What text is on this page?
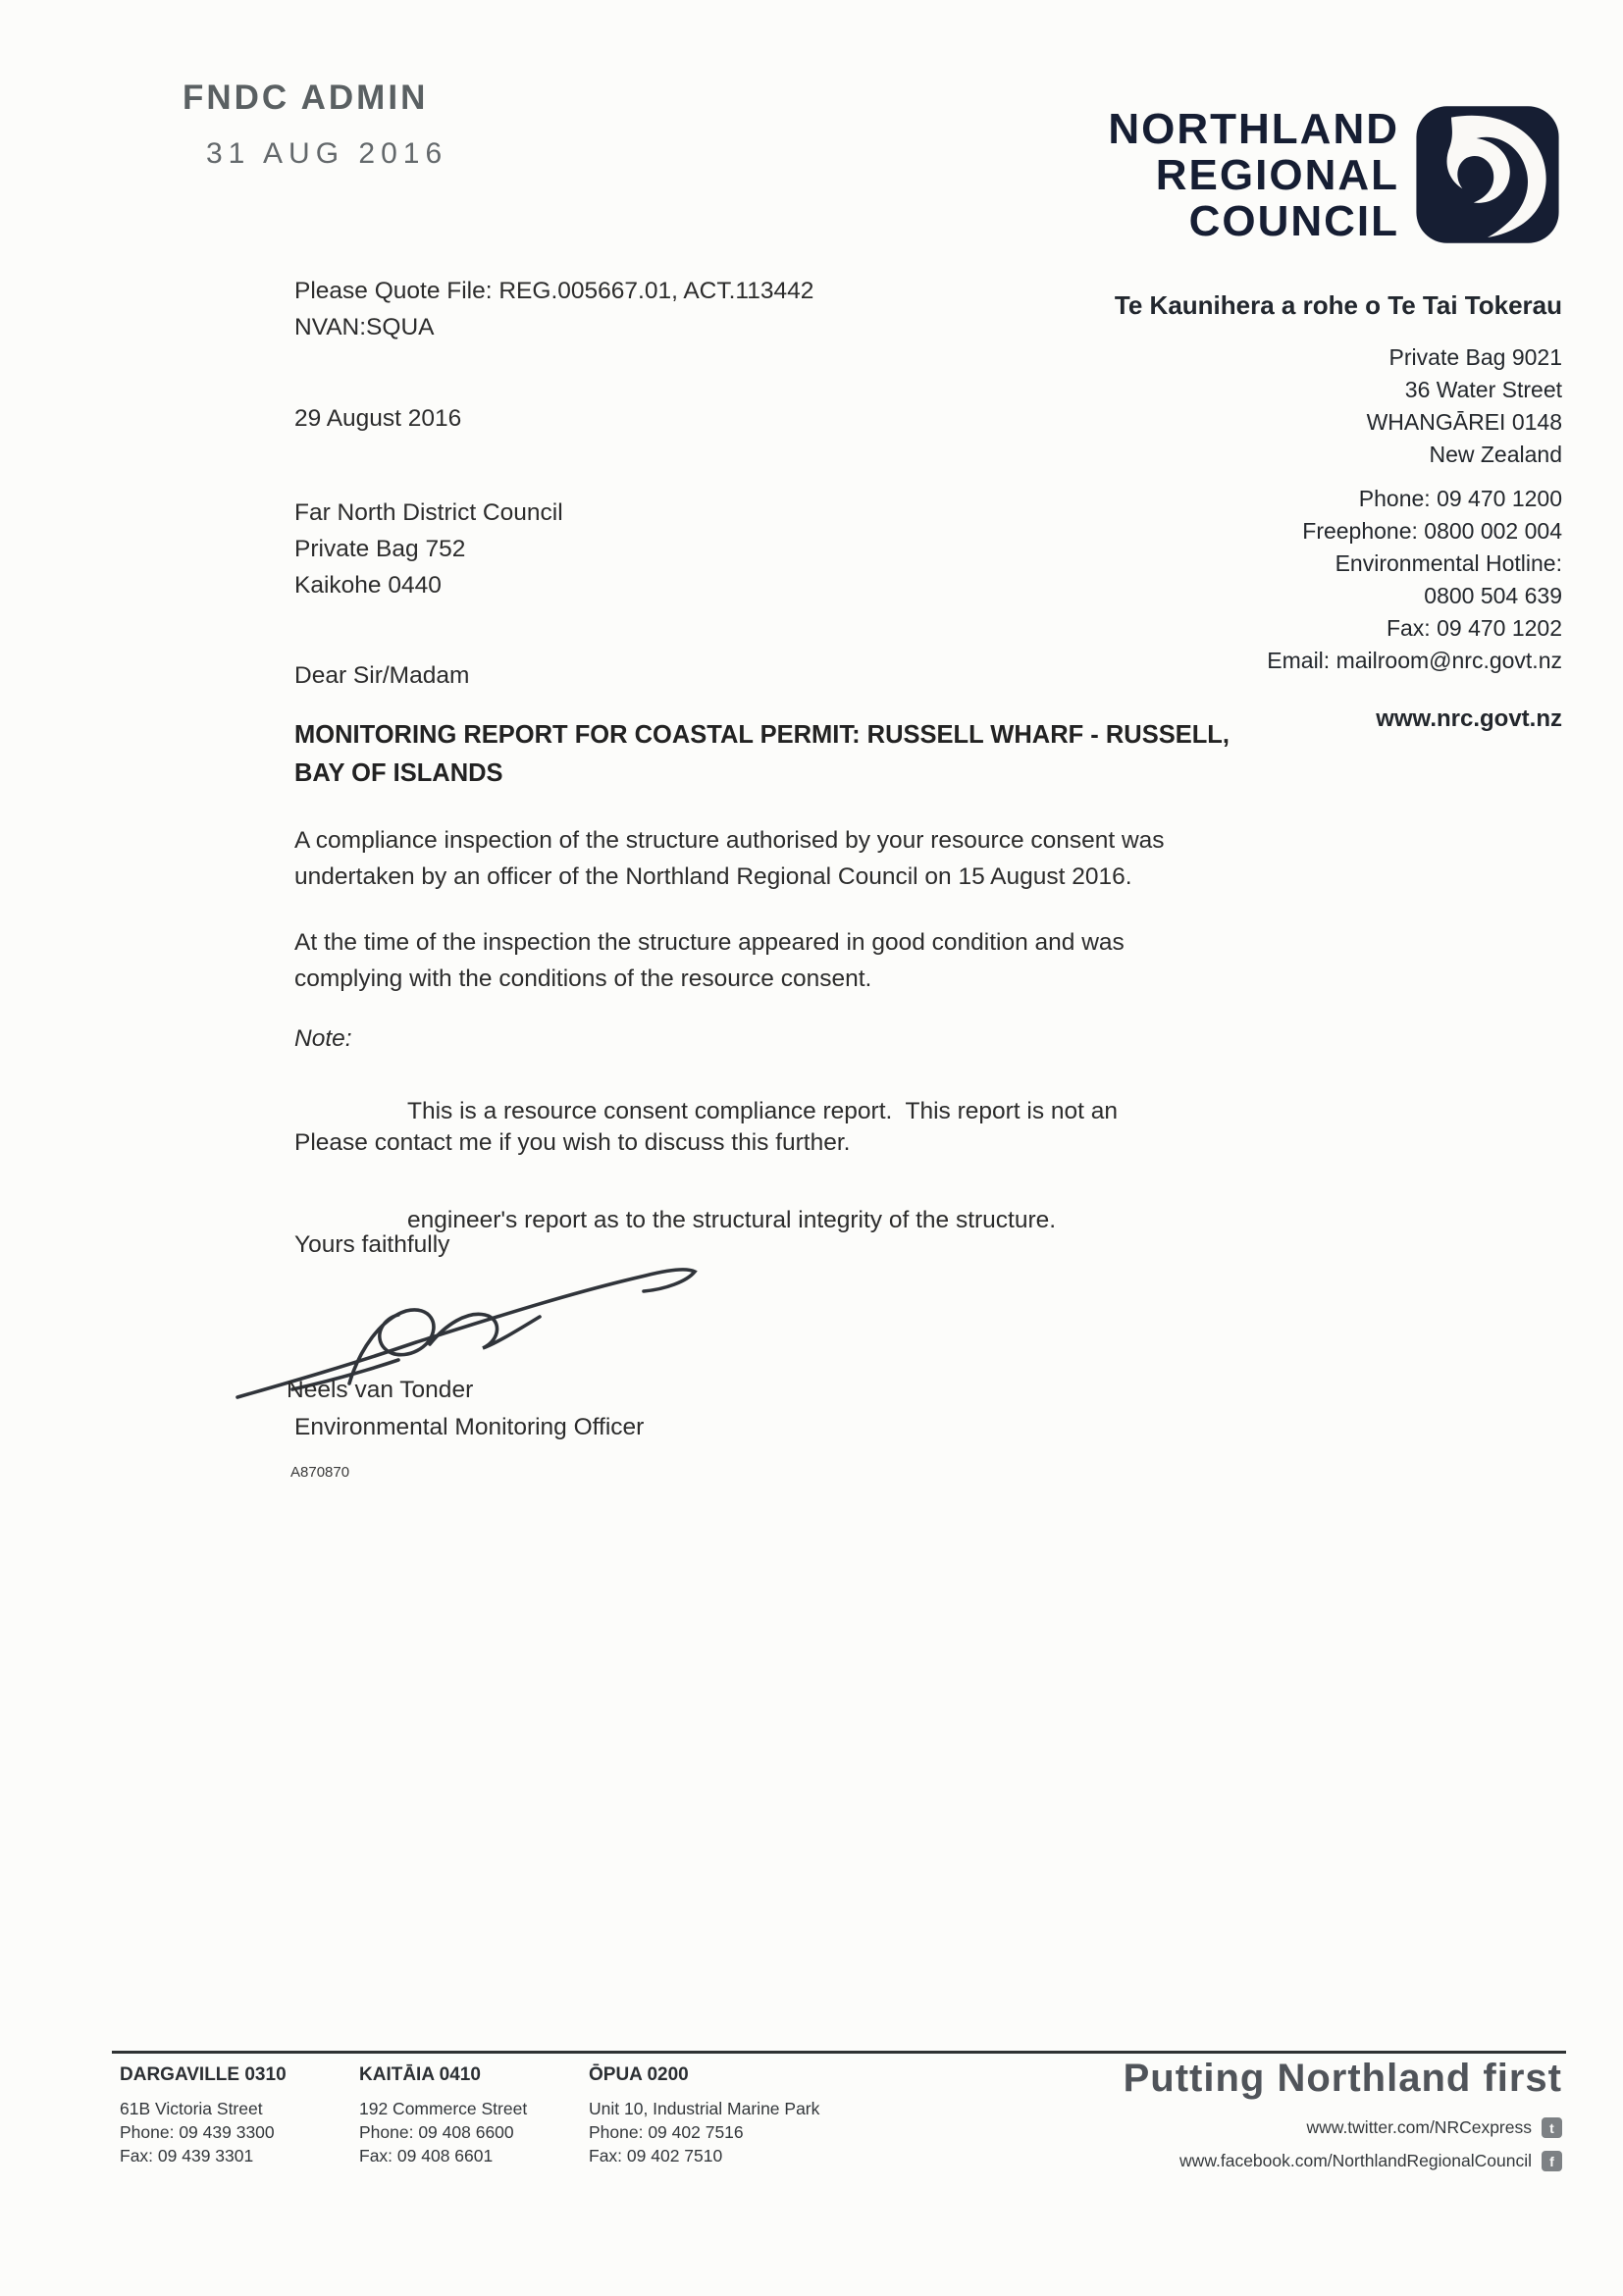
FNDC ADMIN
31 AUG 2016
NORTHLAND
REGIONAL
COUNCIL
Te Kaunihera a rohe o Te Tai Tokerau
Private Bag 9021
36 Water Street
WHANGĀREI 0148
New Zealand
Phone: 09 470 1200
Freephone: 0800 002 004
Environmental Hotline:
0800 504 639
Fax: 09 470 1202
Email: mailroom@nrc.govt.nz
www.nrc.govt.nz
Please Quote File: REG.005667.01, ACT.113442
NVAN:SQUA
29 August 2016
Far North District Council
Private Bag 752
Kaikohe 0440
Dear Sir/Madam
MONITORING REPORT FOR COASTAL PERMIT: RUSSELL WHARF - RUSSELL,
BAY OF ISLANDS
A compliance inspection of the structure authorised by your resource consent was
undertaken by an officer of the Northland Regional Council on 15 August 2016.
At the time of the inspection the structure appeared in good condition and was
complying with the conditions of the resource consent.
Note:

This is a resource consent compliance report.  This report is not an

engineer's report as to the structural integrity of the structure.

Please contact me if you wish to discuss this further.
Yours faithfully
Neels van Tonder
Environmental Monitoring Officer
A870870
DARGAVILLE 0310
61B Victoria Street
Phone: 09 439 3300
Fax: 09 439 3301
KAITĀIA 0410
192 Commerce Street
Phone: 09 408 6600
Fax: 09 408 6601
ŌPUA 0200
Unit 10, Industrial Marine Park
Phone: 09 402 7516
Fax: 09 402 7510
Putting Northland first
www.twitter.com/NRCexpress	t
www.facebook.com/NorthlandRegionalCouncil	f
